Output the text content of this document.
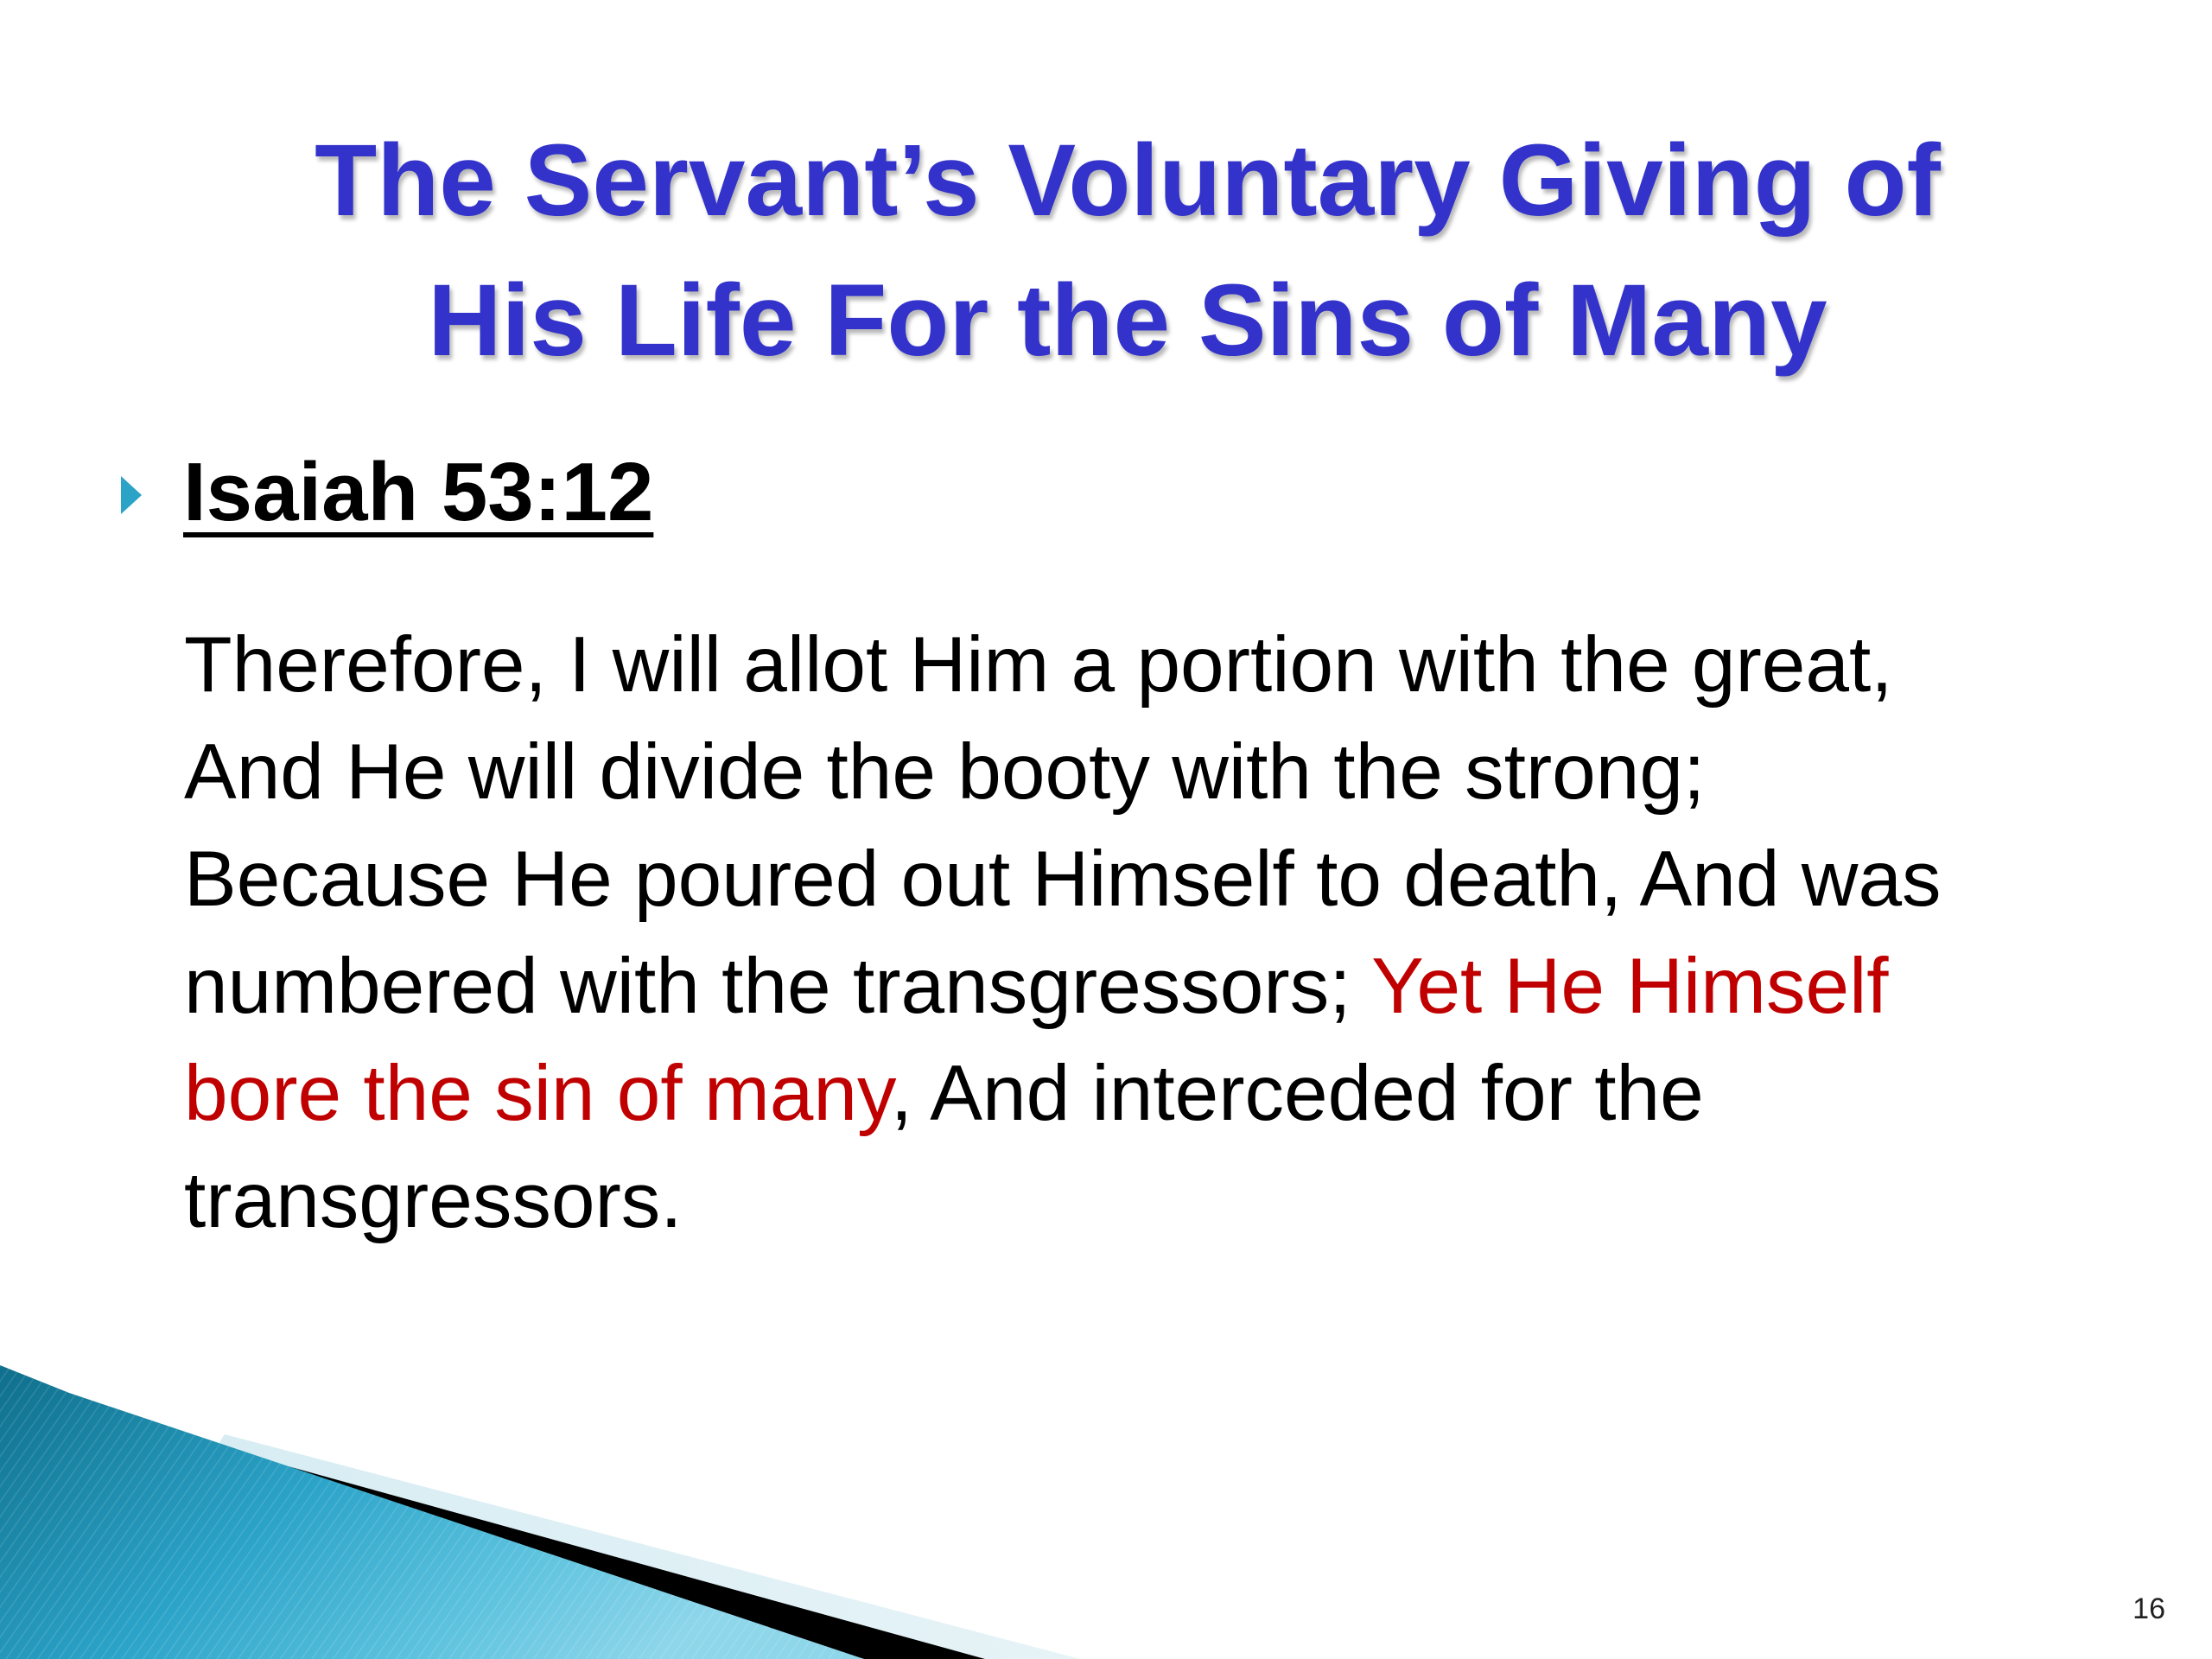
The Servant’s Voluntary Giving of
His Life For the Sins of Many
Isaiah 53:12

Therefore, I will allot Him a portion with the great,
And He will divide the booty with the strong;
Because He poured out Himself to death, And was
numbered with the transgressors; Yet He Himself
bore the sin of many, And interceded for the
transgressors.

16
